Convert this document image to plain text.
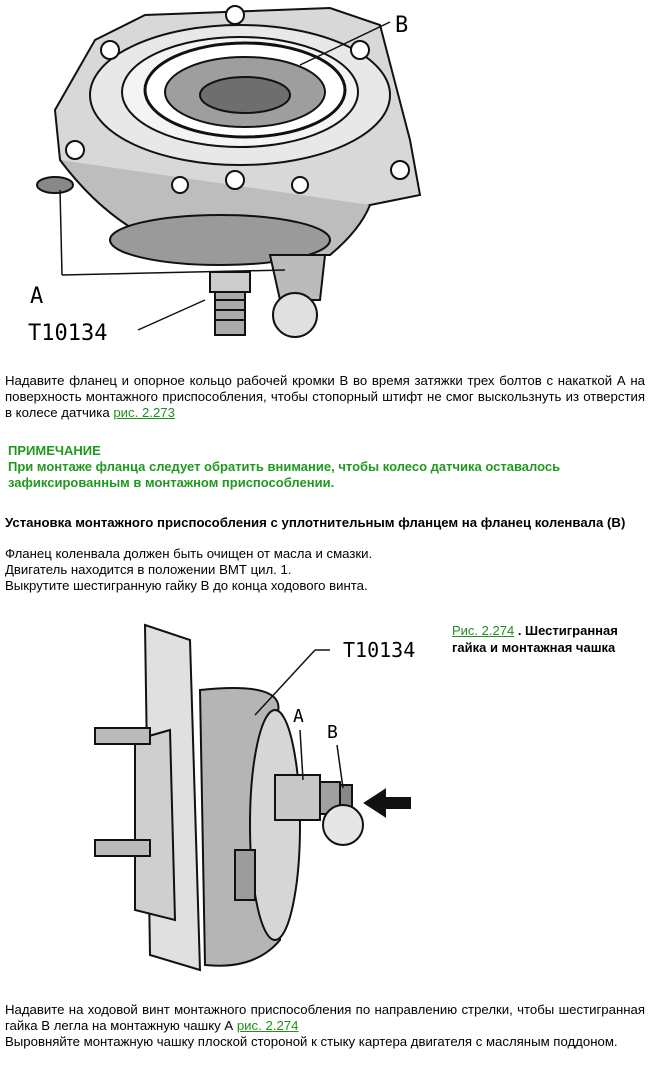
B
A
T10134
Надавите фланец и опорное кольцо рабочей кромки В во время затяжки трех болтов с накаткой А на поверхность монтажного приспособления, чтобы стопорный штифт не смог выскользнуть из отверстия в колесе датчика рис. 2.273
ПРИМЕЧАНИЕ
При монтаже фланца следует обратить внимание, чтобы колесо датчика оставалось зафиксированным в монтажном приспособлении.
Установка монтажного приспособления с уплотнительным фланцем на фланец коленвала (B)
Фланец коленвала должен быть очищен от масла и смазки.
Двигатель находится в положении ВМТ цил. 1.
Выкрутите шестигранную гайку В до конца ходового винта.
T10134
A
B
Рис. 2.274 . Шестигранная гайка и монтажная чашка
Надавите на ходовой винт монтажного приспособления по направлению стрелки, чтобы шестигранная гайка В легла на монтажную чашку А рис. 2.274
Выровняйте монтажную чашку плоской стороной к стыку картера двигателя с масляным поддоном.
